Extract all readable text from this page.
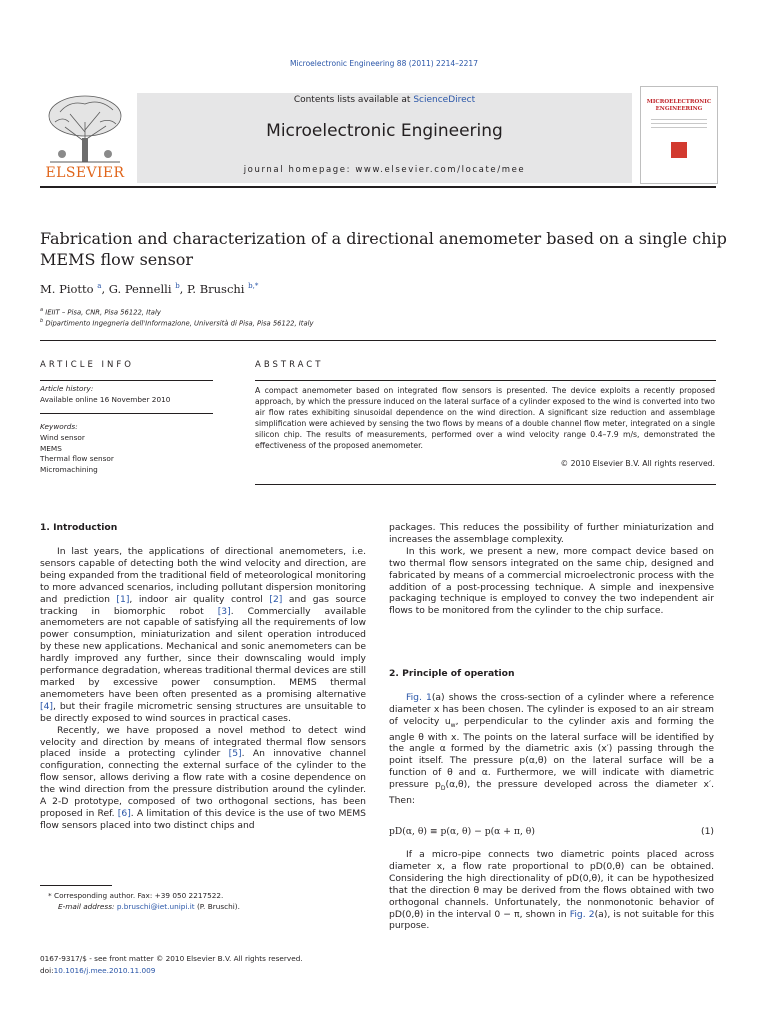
Microelectronic Engineering 88 (2011) 2214–2217
ELSEVIER
Contents lists available at ScienceDirect
Microelectronic Engineering
journal homepage: www.elsevier.com/locate/mee
MICROELECTRONIC ENGINEERING
Fabrication and characterization of a directional anemometer based on a single chip MEMS flow sensor
M. Piotto $^a$, G. Pennelli $^b$, P. Bruschi $^{b,*}$
$^a$ IEIIT – Pisa, CNR, Pisa 56122, Italy
$^b$ Dipartimento Ingegneria dell'Informazione, Università di Pisa, Pisa 56122, Italy
ARTICLE INFO	ABSTRACT
Article history:
Available online 16 November 2010
Keywords:
Wind sensor
MEMS
Thermal flow sensor
Micromachining
A compact anemometer based on integrated flow sensors is presented. The device exploits a recently proposed approach, by which the pressure induced on the lateral surface of a cylinder exposed to the wind is converted into two air flow rates exhibiting sinusoidal dependence on the wind direction. A significant size reduction and assemblage simplification were achieved by sensing the two flows by means of a double channel flow meter, integrated on a single silicon chip. The results of measurements, performed over a wind velocity range 0.4–7.9 m/s, demonstrated the effectiveness of the proposed anemometer.
© 2010 Elsevier B.V. All rights reserved.
1. Introduction

In last years, the applications of directional anemometers, i.e. sensors capable of detecting both the wind velocity and direction, are being expanded from the traditional field of meteorological monitoring to more advanced scenarios, including pollutant dispersion monitoring and prediction [1], indoor air quality control [2] and gas source tracking in biomorphic robot [3]. Commercially available anemometers are not capable of satisfying all the requirements of low power consumption, miniaturization and silent operation introduced by these new applications. Mechanical and sonic anemometers can be hardly improved any further, since their downscaling would imply performance degradation, whereas traditional thermal devices are still marked by excessive power consumption. MEMS thermal anemometers have been often presented as a promising alternative [4], but their fragile micrometric sensing structures are unsuitable to be directly exposed to wind sources in practical cases.

Recently, we have proposed a novel method to detect wind velocity and direction by means of integrated thermal flow sensors placed inside a protecting cylinder [5]. An innovative channel configuration, connecting the external surface of the cylinder to the flow sensor, allows deriving a flow rate with a cosine dependence on the wind direction from the pressure distribution around the cylinder. A 2-D prototype, composed of two orthogonal sections, has been proposed in Ref. [6]. A limitation of this device is the use of two MEMS flow sensors placed into two distinct chips and

packages. This reduces the possibility of further miniaturization and increases the assemblage complexity.

In this work, we present a new, more compact device based on two thermal flow sensors integrated on the same chip, designed and fabricated by means of a commercial microelectronic process with the addition of a post-processing technique. A simple and inexpensive packaging technique is employed to convey the two independent air flows to be monitored from the cylinder to the chip surface.

2. Principle of operation

Fig. 1(a) shows the cross-section of a cylinder where a reference diameter x has been chosen. The cylinder is exposed to an air stream of velocity $u_w$, perpendicular to the cylinder axis and forming the angle θ with x. The points on the lateral surface will be identified by the angle α formed by the diametric axis (x′) passing through the point itself. The pressure p(α,θ) on the lateral surface will be a function of θ and α. Furthermore, we will indicate with diametric pressure $p_D(\alpha,\theta)$, the pressure developed across the diameter x′. Then:

pD(α, θ) ≡ p(α, θ) − p(α + π, θ)	(1)

If a micro-pipe connects two diametric points placed across diameter x, a flow rate proportional to pD(0,θ) can be obtained. Considering the high directionality of pD(0,θ), it can be hypothesized that the direction θ may be derived from the flows obtained with two orthogonal channels. Unfortunately, the nonmonotonic behavior of pD(0,θ) in the interval 0 − π, shown in Fig. 2(a), is not suitable for this purpose.

* Corresponding author. Fax: +39 050 2217522.
E-mail address: p.bruschi@iet.unipi.it (P. Bruschi).
0167-9317/$ - see front matter © 2010 Elsevier B.V. All rights reserved.
doi:10.1016/j.mee.2010.11.009
